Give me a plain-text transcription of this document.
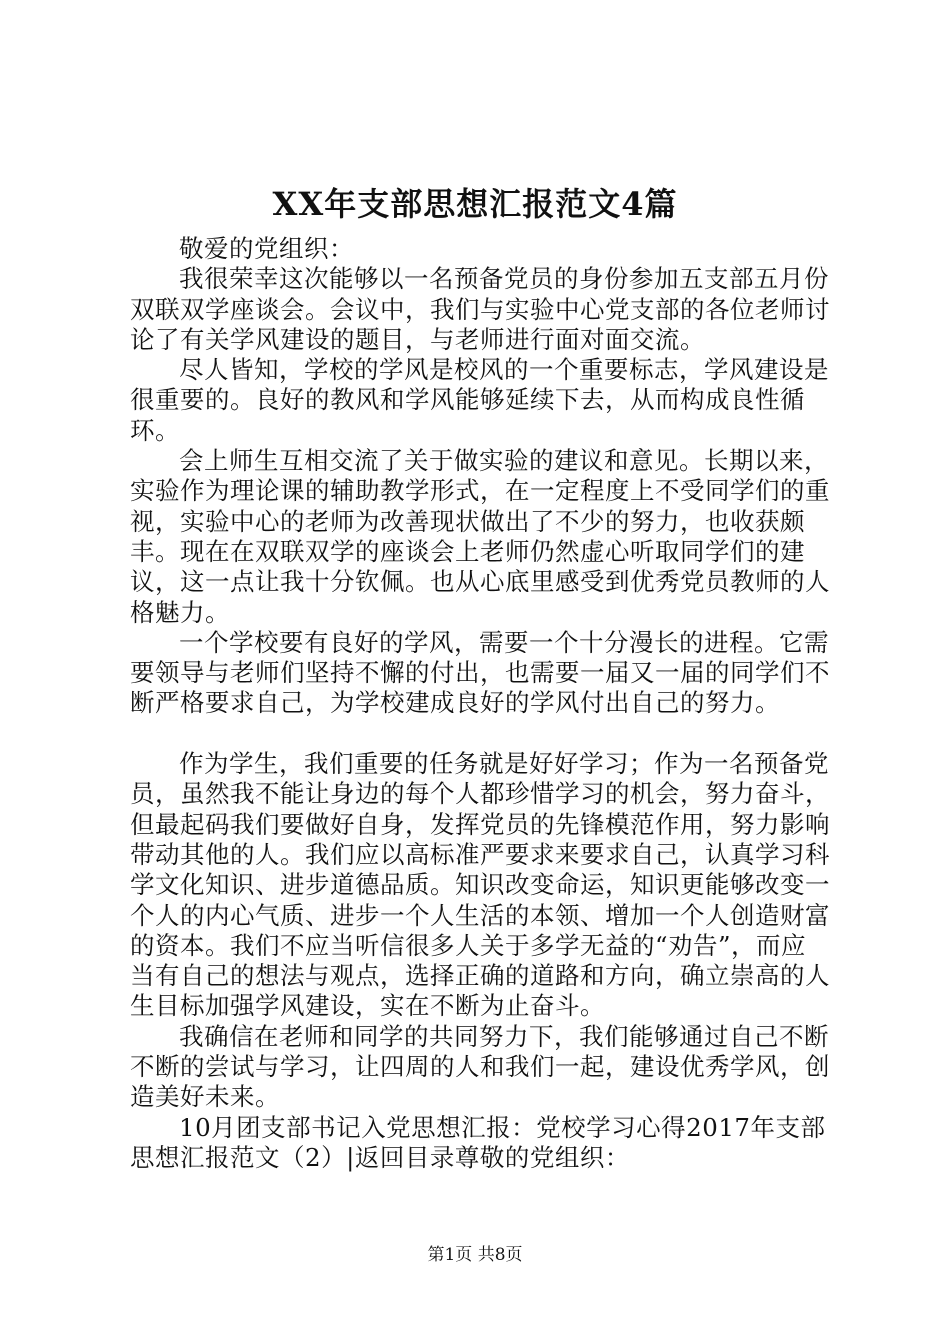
XX年支部思想汇报范文4篇

敬爱的党组织：

我很荣幸这次能够以一名预备党员的身份参加五支部五月份双联双学座谈会。会议中，我们与实验中心党支部的各位老师讨论了有关学风建设的题目，与老师进行面对面交流。

尽人皆知，学校的学风是校风的一个重要标志，学风建设是很重要的。良好的教风和学风能够延续下去，从而构成良性循环。

会上师生互相交流了关于做实验的建议和意见。长期以来，实验作为理论课的辅助教学形式，在一定程度上不受同学们的重视，实验中心的老师为改善现状做出了不少的努力，也收获颇丰。现在在双联双学的座谈会上老师仍然虚心听取同学们的建议，这一点让我十分钦佩。也从心底里感受到优秀党员教师的人格魅力。

一个学校要有良好的学风，需要一个十分漫长的进程。它需要领导与老师们坚持不懈的付出，也需要一届又一届的同学们不断严格要求自己，为学校建成良好的学风付出自己的努力。

作为学生，我们重要的任务就是好好学习；作为一名预备党员，虽然我不能让身边的每个人都珍惜学习的机会，努力奋斗，但最起码我们要做好自身，发挥党员的先锋模范作用，努力影响带动其他的人。我们应以高标准严要求来要求自己，认真学习科学文化知识、进步道德品质。知识改变命运，知识更能够改变一个人的内心气质、进步一个人生活的本领、增加一个人创造财富的资本。我们不应当听信很多人关于多学无益的“劝告”，而应当有自己的想法与观点，选择正确的道路和方向，确立崇高的人生目标加强学风建设，实在不断为止奋斗。

我确信在老师和同学的共同努力下，我们能够通过自己不断不断的尝试与学习，让四周的人和我们一起，建设优秀学风，创造美好未来。

10月团支部书记入党思想汇报：党校学习心得2017年支部思想汇报范文（2）|返回目录尊敬的党组织：

第1页 共8页
